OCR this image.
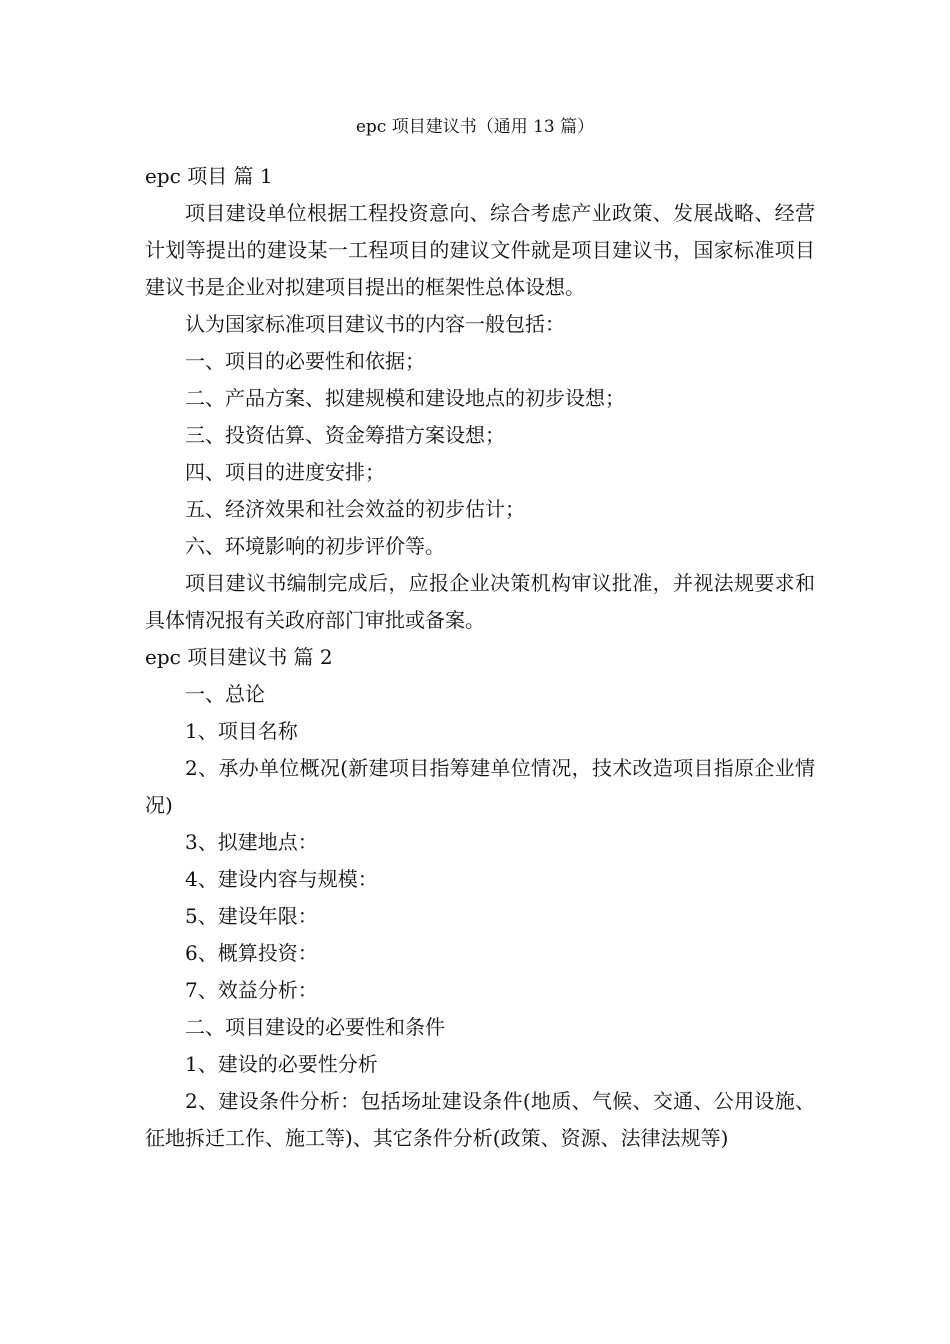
epc 项目建议书（通用 13 篇）

epc 项目 篇 1

项目建设单位根据工程投资意向、综合考虑产业政策、发展战略、经营计划等提出的建设某一工程项目的建议文件就是项目建议书，国家标准项目建议书是企业对拟建项目提出的框架性总体设想。

认为国家标准项目建议书的内容一般包括：

一、项目的必要性和依据；

二、产品方案、拟建规模和建设地点的初步设想；

三、投资估算、资金筹措方案设想；

四、项目的进度安排；

五、经济效果和社会效益的初步估计；

六、环境影响的初步评价等。

项目建议书编制完成后，应报企业决策机构审议批准，并视法规要求和具体情况报有关政府部门审批或备案。

epc 项目建议书 篇 2

一、总论

1、项目名称

2、承办单位概况(新建项目指筹建单位情况，技术改造项目指原企业情况)

3、拟建地点：

4、建设内容与规模：

5、建设年限：

6、概算投资：

7、效益分析：

二、项目建设的必要性和条件

1、建设的必要性分析

2、建设条件分析：包括场址建设条件(地质、气候、交通、公用设施、征地拆迁工作、施工等)、其它条件分析(政策、资源、法律法规等)
